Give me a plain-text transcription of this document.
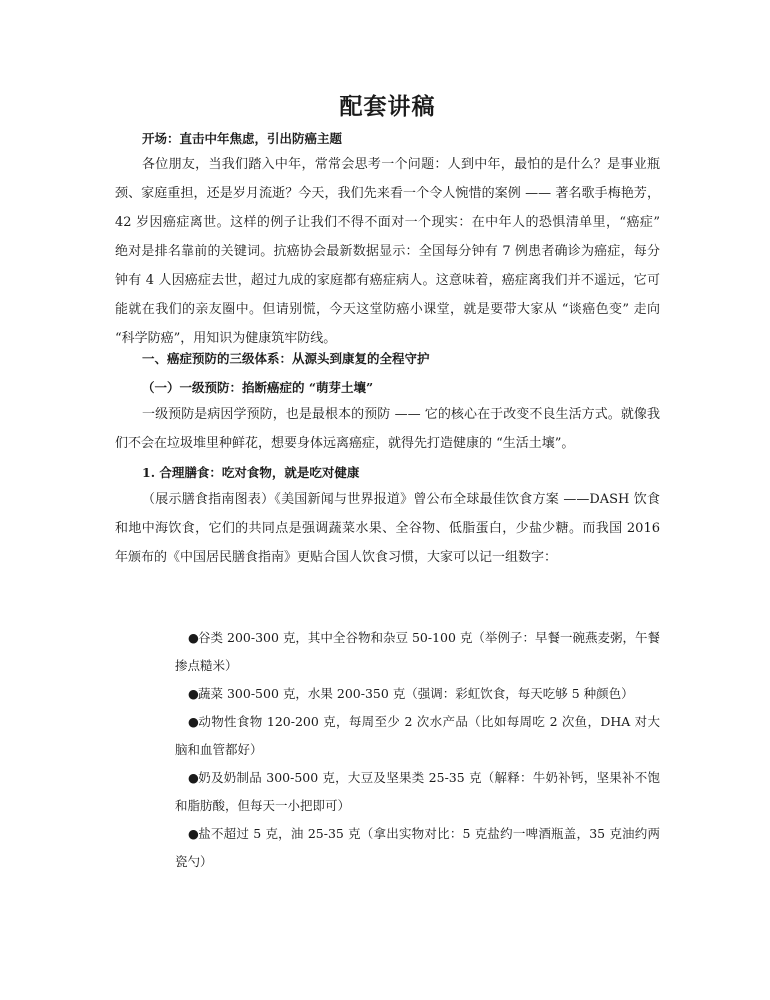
配套讲稿
开场：直击中年焦虑，引出防癌主题

各位朋友，当我们踏入中年，常常会思考一个问题：人到中年，最怕的是什么？是事业瓶颈、家庭重担，还是岁月流逝？今天，我们先来看一个令人惋惜的案例 —— 著名歌手梅艳芳，42 岁因癌症离世。这样的例子让我们不得不面对一个现实：在中年人的恐惧清单里，“癌症” 绝对是排名靠前的关键词。抗癌协会最新数据显示：全国每分钟有 7 例患者确诊为癌症，每分钟有 4 人因癌症去世，超过九成的家庭都有癌症病人。这意味着，癌症离我们并不遥远，它可能就在我们的亲友圈中。但请别慌，今天这堂防癌小课堂，就是要带大家从 “谈癌色变” 走向 “科学防癌”，用知识为健康筑牢防线。

一、癌症预防的三级体系：从源头到康复的全程守护
（一）一级预防：掐断癌症的 “萌芽土壤”

一级预防是病因学预防，也是最根本的预防 —— 它的核心在于改变不良生活方式。就像我们不会在垃圾堆里种鲜花，想要身体远离癌症，就得先打造健康的 “生活土壤”。

1. 合理膳食：吃对食物，就是吃对健康

（展示膳食指南图表）《美国新闻与世界报道》曾公布全球最佳饮食方案 ——DASH 饮食和地中海饮食，它们的共同点是强调蔬菜水果、全谷物、低脂蛋白，少盐少糖。而我国 2016 年颁布的《中国居民膳食指南》更贴合国人饮食习惯，大家可以记一组数字：

●谷类 200-300 克，其中全谷物和杂豆 50-100 克（举例子：早餐一碗燕麦粥，午餐掺点糙米）

●蔬菜 300-500 克，水果 200-350 克（强调：彩虹饮食，每天吃够 5 种颜色）

●动物性食物 120-200 克，每周至少 2 次水产品（比如每周吃 2 次鱼，DHA 对大脑和血管都好）

●奶及奶制品 300-500 克，大豆及坚果类 25-35 克（解释：牛奶补钙，坚果补不饱和脂肪酸，但每天一小把即可）

●盐不超过 5 克，油 25-35 克（拿出实物对比：5 克盐约一啤酒瓶盖，35 克油约两瓷勺）
